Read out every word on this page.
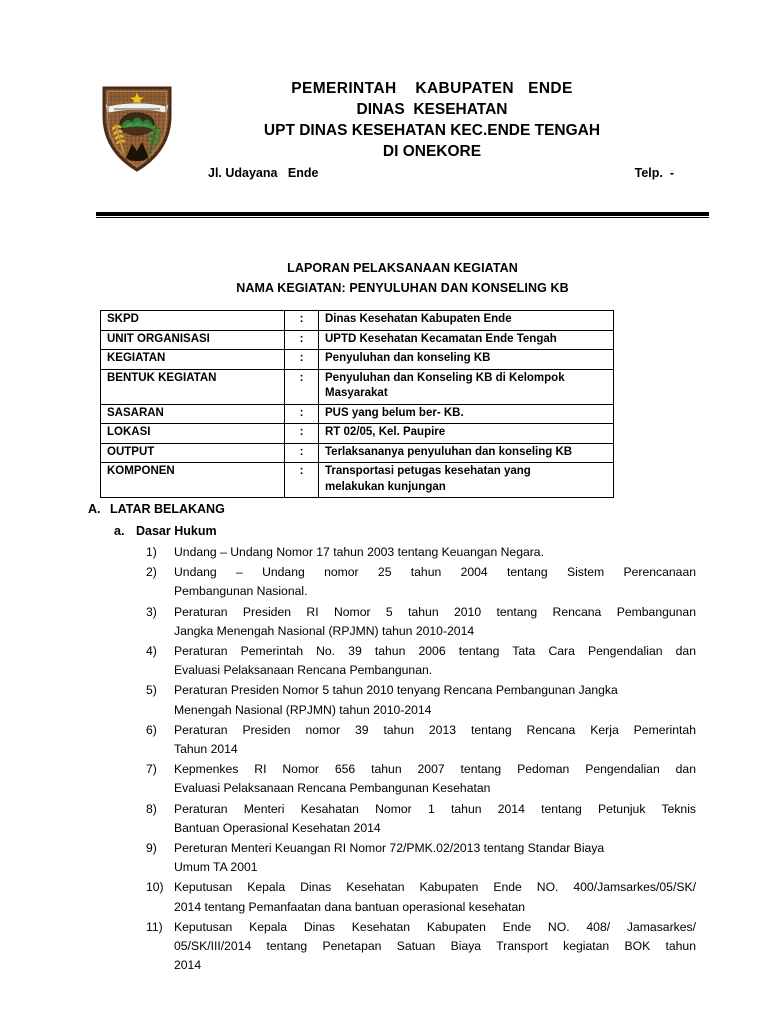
PEMERINTAH    KABUPATEN   ENDE
DINAS  KESEHATAN
UPT DINAS KESEHATAN KEC.ENDE TENGAH
DI ONEKORE
Jl. Udayana   Ende	Telp.  -
LAPORAN PELAKSANAAN KEGIATAN
NAMA KEGIATAN: PENYULUHAN DAN KONSELING KB
SKPD	:	Dinas Kesehatan Kabupaten Ende
UNIT ORGANISASI	:	UPTD Kesehatan Kecamatan Ende Tengah
KEGIATAN	:	Penyuluhan dan konseling KB
BENTUK KEGIATAN	:	Penyuluhan dan Konseling KB di Kelompok
Masyarakat

SASARAN	:	PUS yang belum ber- KB.
LOKASI	:	RT 02/05, Kel. Paupire
OUTPUT	:	Terlaksananya penyuluhan dan konseling KB
KOMPONEN	:	Transportasi petugas kesehatan yang
melakukan kunjungan
A. LATAR BELAKANG
a. Dasar Hukum
1)	Undang – Undang Nomor 17 tahun 2003 tentang Keuangan Negara.
2)	Undang – Undang nomor 25 tahun 2004 tentang Sistem Perencanaan
Pembangunan Nasional.
3)	Peraturan Presiden RI Nomor 5 tahun 2010 tentang Rencana Pembangunan
Jangka Menengah Nasional (RPJMN) tahun 2010-2014
4)	Peraturan Pemerintah No. 39 tahun 2006 tentang Tata Cara Pengendalian dan
Evaluasi Pelaksanaan Rencana Pembangunan.
5)	Peraturan Presiden Nomor 5 tahun 2010 tenyang Rencana Pembangunan Jangka
Menengah Nasional (RPJMN) tahun 2010-2014
6)	Peraturan Presiden nomor 39 tahun 2013 tentang Rencana Kerja Pemerintah
Tahun 2014
7)	Kepmenkes RI Nomor 656 tahun 2007 tentang Pedoman Pengendalian dan
Evaluasi Pelaksanaan Rencana Pembangunan Kesehatan
8)	Peraturan Menteri Kesahatan Nomor 1 tahun 2014 tentang Petunjuk Teknis
Bantuan Operasional Kesehatan 2014
9)	Pereturan Menteri Keuangan RI Nomor 72/PMK.02/2013 tentang Standar Biaya
Umum TA 2001
10) Keputusan Kepala Dinas Kesehatan Kabupaten Ende NO. 400/Jamsarkes/05/SK/
2014 tentang Pemanfaatan dana bantuan operasional kesehatan
11) Keputusan Kepala Dinas Kesehatan Kabupaten Ende NO. 408/ Jamasarkes/
05/SK/III/2014 tentang Penetapan Satuan Biaya Transport kegiatan BOK tahun
2014
